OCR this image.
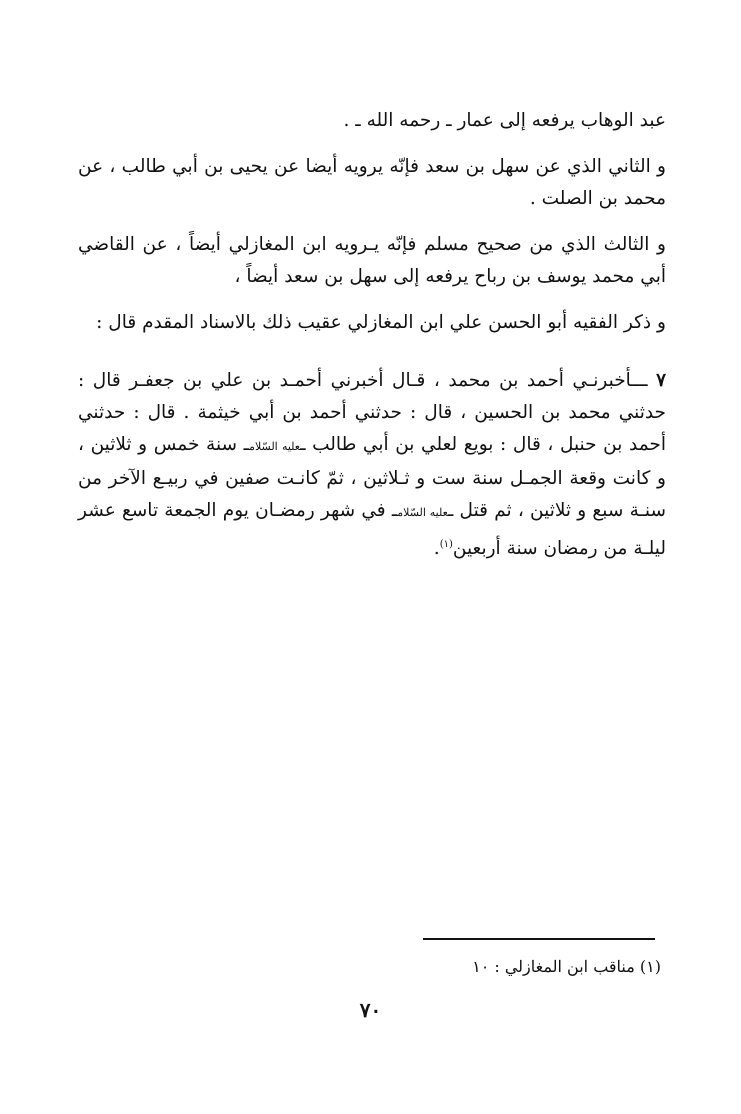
عبد الوهاب يرفعه إلى عمار ـ رحمه الله ـ .

و الثاني الذي عن سهل بن سعد فإنّه يرويه أيضا عن يحيى بن أبي طالب ، عن محمد بن الصلت .

و الثالث الذي من صحيح مسلم فإنّه يـرويه ابن المغازلي أيضاً ، عن القاضي أبي محمد يوسف بن رباح يرفعه إلى سهل بن سعد أيضاً ،

و ذكر الفقيه أبو الحسن علي ابن المغازلي عقيب ذلك بالاسناد المقدم قال :

٧ ـــأخبرنـي أحمد بن محمد ، قـال أخبرني أحمـد بن علي بن جعفـر قال : حدثني محمد بن الحسين ، قال : حدثني أحمد بن أبي خيثمة . قال : حدثني أحمد بن حنبل ، قال : بويع لعلي بن أبي طالب ـعليه السّلامـ سنة خمس و ثلاثين ، و كانت وقعة الجمـل سنة ست و ثـلاثين ، ثمّ كانـت صفين في ربيـع الآخر من سنـة سبع و ثلاثين ، ثم قتل ـعليه السّلامـ في شهر رمضـان يوم الجمعة تاسع عشر ليلـة من رمضان سنة أربعين$^{(١)}$.

(١) مناقب ابن المغازلي : ١٠
٧٠
